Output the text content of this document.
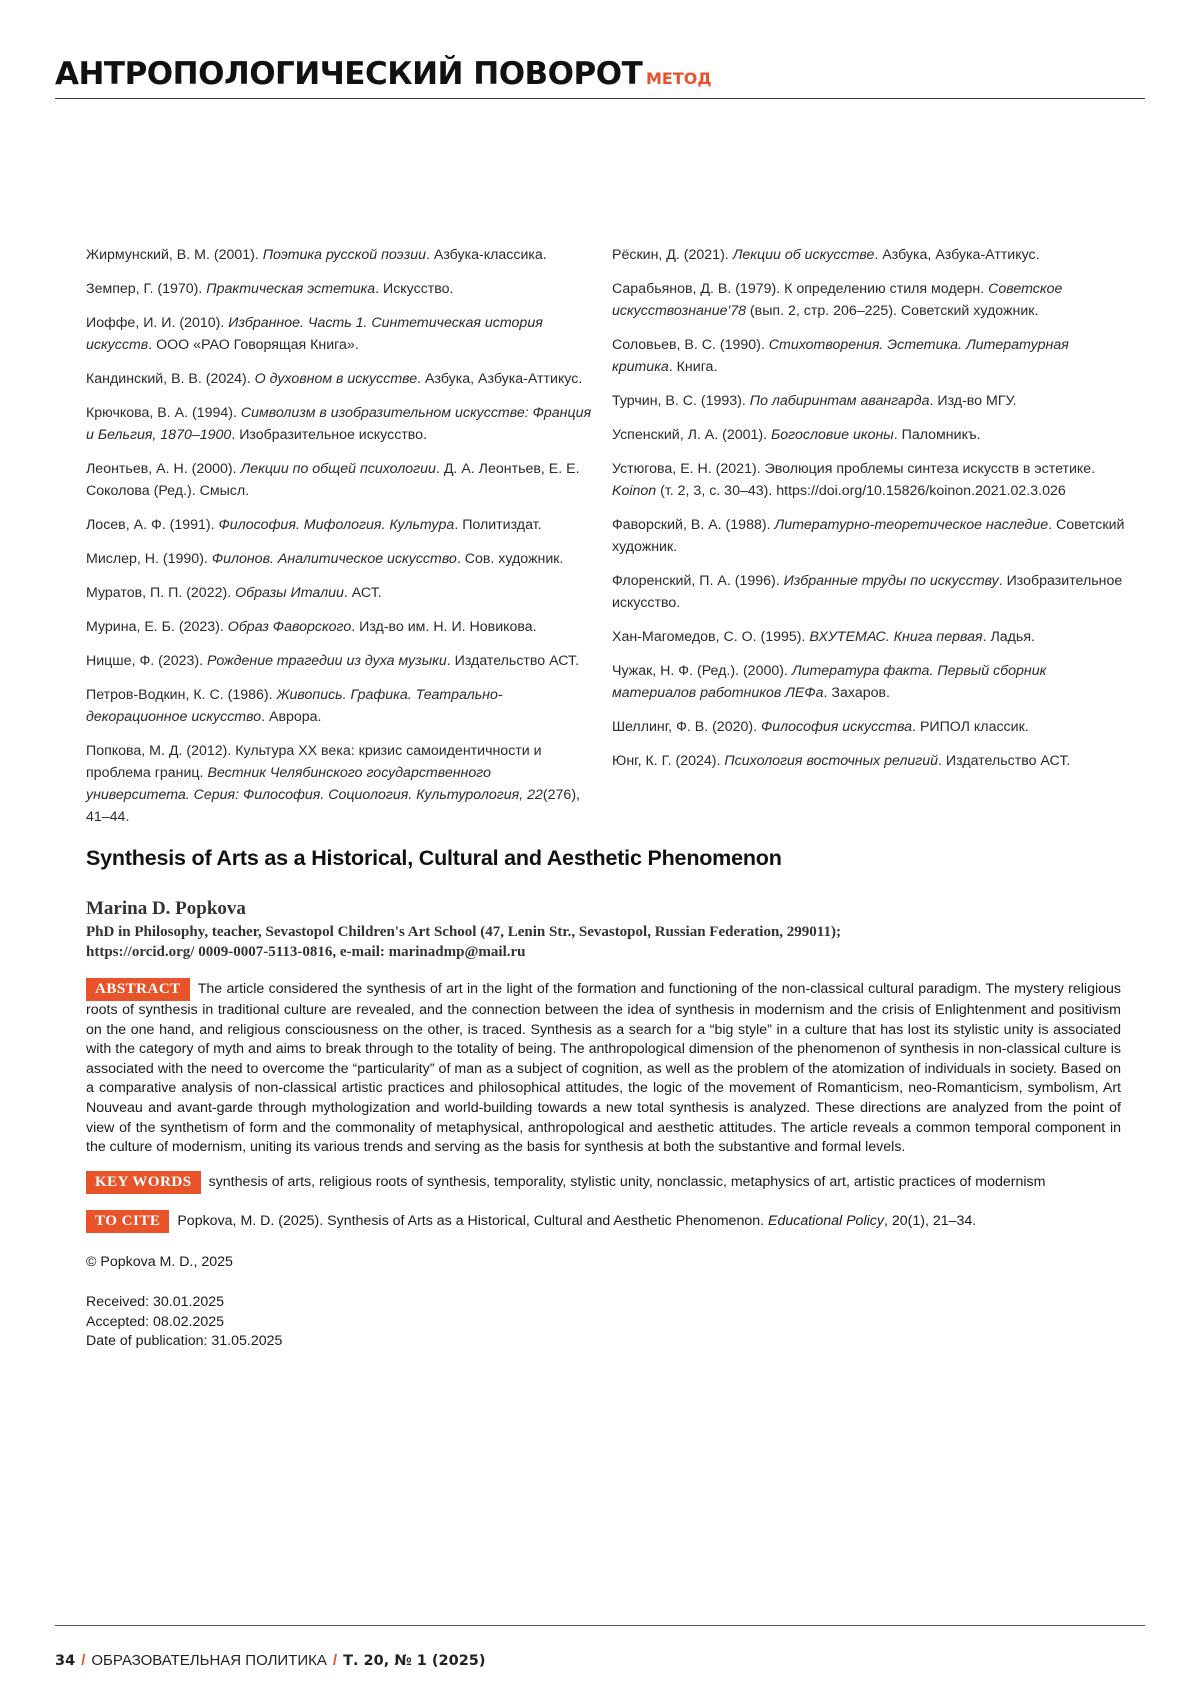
АНТРОПОЛОГИЧЕСКИЙ ПОВОРОТ МЕТОД
Жирмунский, В. М. (2001). Поэтика русской поэзии. Азбука-классика.
Земпер, Г. (1970). Практическая эстетика. Искусство.
Иоффе, И. И. (2010). Избранное. Часть 1. Синтетическая история искусств. ООО «РАО Говорящая Книга».
Кандинский, В. В. (2024). О духовном в искусстве. Азбука, Азбука-Аттикус.
Крючкова, В. А. (1994). Символизм в изобразительном искусстве: Франция и Бельгия, 1870–1900. Изобразительное искусство.
Леонтьев, А. Н. (2000). Лекции по общей психологии. Д. А. Леонтьев, Е. Е. Соколова (Ред.). Смысл.
Лосев, А. Ф. (1991). Философия. Мифология. Культура. Политиздат.
Мислер, Н. (1990). Филонов. Аналитическое искусство. Сов. художник.
Муратов, П. П. (2022). Образы Италии. АСТ.
Мурина, Е. Б. (2023). Образ Фаворского. Изд-во им. Н. И. Новикова.
Ницше, Ф. (2023). Рождение трагедии из духа музыки. Издательство АСТ.
Петров-Водкин, К. С. (1986). Живопись. Графика. Театрально-декорационное искусство. Аврора.
Попкова, М. Д. (2012). Культура XX века: кризис самоидентичности и проблема границ. Вестник Челябинского государственного университета. Серия: Философия. Социология. Культурология, 22(276), 41–44.
Рёскин, Д. (2021). Лекции об искусстве. Азбука, Азбука-Аттикус.
Сарабьянов, Д. В. (1979). К определению стиля модерн. Советское искусствознание'78 (вып. 2, стр. 206–225). Советский художник.
Соловьев, В. С. (1990). Стихотворения. Эстетика. Литературная критика. Книга.
Турчин, В. С. (1993). По лабиринтам авангарда. Изд-во МГУ.
Успенский, Л. А. (2001). Богословие иконы. Паломникъ.
Устюгова, Е. Н. (2021). Эволюция проблемы синтеза искусств в эстетике. Koinon (т. 2, 3, с. 30–43). https://doi.org/10.15826/koinon.2021.02.3.026
Фаворский, В. А. (1988). Литературно-теоретическое наследие. Советский художник.
Флоренский, П. А. (1996). Избранные труды по искусству. Изобразительное искусство.
Хан-Магомедов, С. О. (1995). ВХУТЕМАС. Книга первая. Ладья.
Чужак, Н. Ф. (Ред.). (2000). Литература факта. Первый сборник материалов работников ЛЕФа. Захаров.
Шеллинг, Ф. В. (2020). Философия искусства. РИПОЛ классик.
Юнг, К. Г. (2024). Психология восточных религий. Издательство АСТ.
Synthesis of Arts as a Historical, Cultural and Aesthetic Phenomenon
Marina D. Popkova
PhD in Philosophy, teacher, Sevastopol Children's Art School (47, Lenin Str., Sevastopol, Russian Federation, 299011);
https://orcid.org/ 0009-0007-5113-0816, e-mail: marinadmp@mail.ru
ABSTRACT The article considered the synthesis of art in the light of the formation and functioning of the non-classical cultural paradigm. The mystery religious roots of synthesis in traditional culture are revealed, and the connection between the idea of synthesis in modernism and the crisis of Enlightenment and positivism on the one hand, and religious consciousness on the other, is traced. Synthesis as a search for a “big style” in a culture that has lost its stylistic unity is associated with the category of myth and aims to break through to the totality of being. The anthropological dimension of the phenomenon of synthesis in non-classical culture is associated with the need to overcome the “particularity” of man as a subject of cognition, as well as the problem of the atomization of individuals in society. Based on a comparative analysis of non-classical artistic practices and philosophical attitudes, the logic of the movement of Romanticism, neo-Romanticism, symbolism, Art Nouveau and avant-garde through mythologization and world-building towards a new total synthesis is analyzed. These directions are analyzed from the point of view of the synthetism of form and the commonality of metaphysical, anthropological and aesthetic attitudes. The article reveals a common temporal component in the culture of modernism, uniting its various trends and serving as the basis for synthesis at both the substantive and formal levels.
KEY WORDS synthesis of arts, religious roots of synthesis, temporality, stylistic unity, nonclassic, metaphysics of art, artistic practices of modernism
TO CITE Popkova, M. D. (2025). Synthesis of Arts as a Historical, Cultural and Aesthetic Phenomenon. Educational Policy, 20(1), 21–34.
© Popkova M. D., 2025
Received: 30.01.2025
Accepted: 08.02.2025
Date of publication: 31.05.2025
34 / ОБРАЗОВАТЕЛЬНАЯ ПОЛИТИКА / Т. 20, № 1 (2025)
